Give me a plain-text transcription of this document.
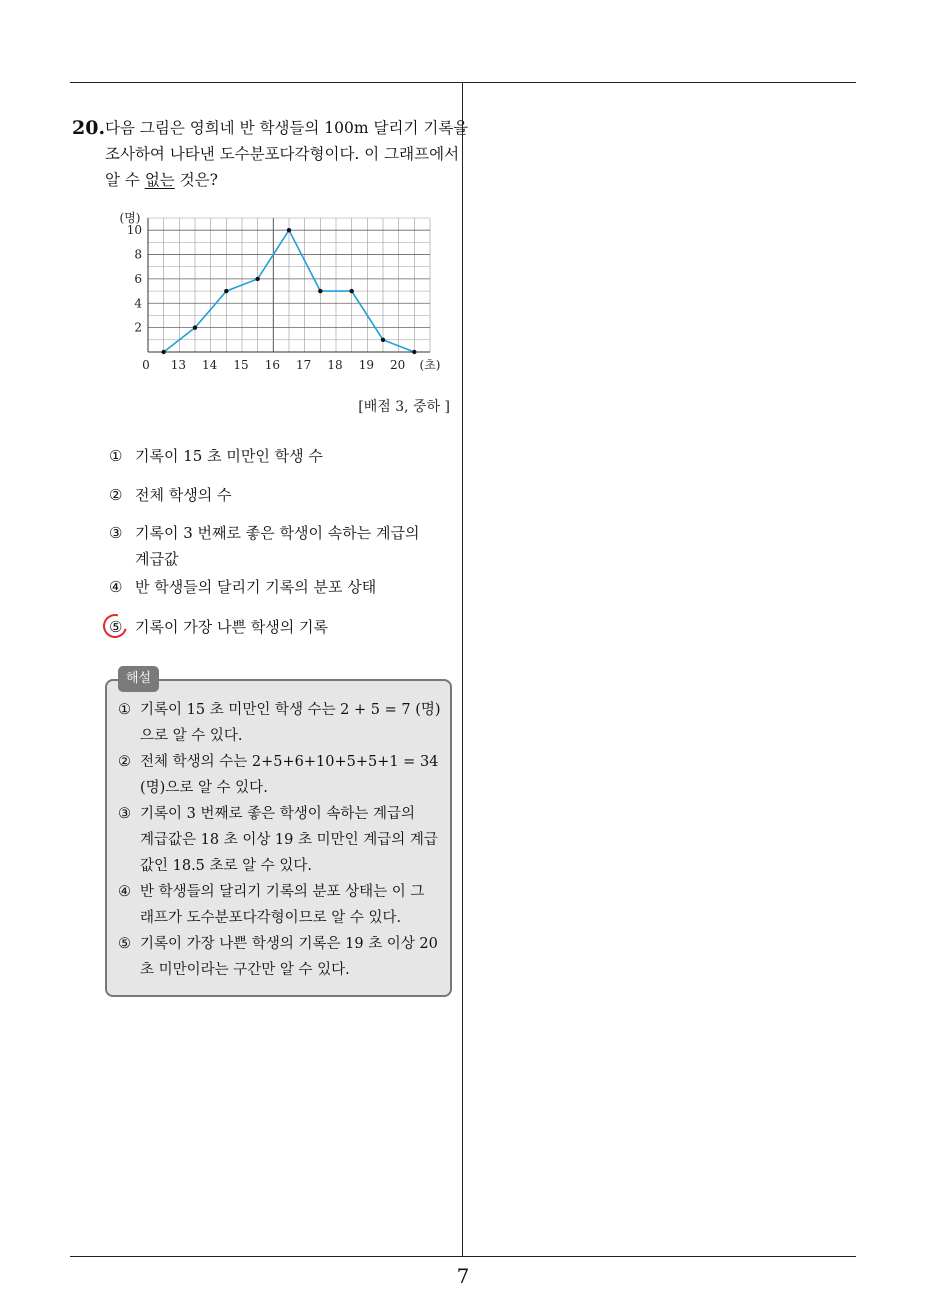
7
20. 다음 그림은 영희네 반 학생들의 100m 달리기 기록을
조사하여 나타낸 도수분포다각형이다. 이 그래프에서
알 수 없는 것은?
13 14 15 16 17 18 19 20
2
4
6
8
10
0
(명)
(초)
[배점 3, 중하 ]
① 기록이 15 초 미만인 학생 수
② 전체 학생의 수
③ 기록이 3 번째로 좋은 학생이 속하는 계급의
계급값
④ 반 학생들의 달리기 기록의 분포 상태
⑤ 기록이 가장 나쁜 학생의 기록
해설
① 기록이 15 초 미만인 학생 수는 2 + 5 = 7 (명)
으로 알 수 있다.
② 전체 학생의 수는 2+5+6+10+5+5+1 = 34
(명)으로 알 수 있다.
③ 기록이 3 번째로 좋은 학생이 속하는 계급의
계급값은 18 초 이상 19 초 미만인 계급의 계급
값인 18.5 초로 알 수 있다.
④ 반 학생들의 달리기 기록의 분포 상태는 이 그
래프가 도수분포다각형이므로 알 수 있다.
⑤ 기록이 가장 나쁜 학생의 기록은 19 초 이상 20
초 미만이라는 구간만 알 수 있다.
